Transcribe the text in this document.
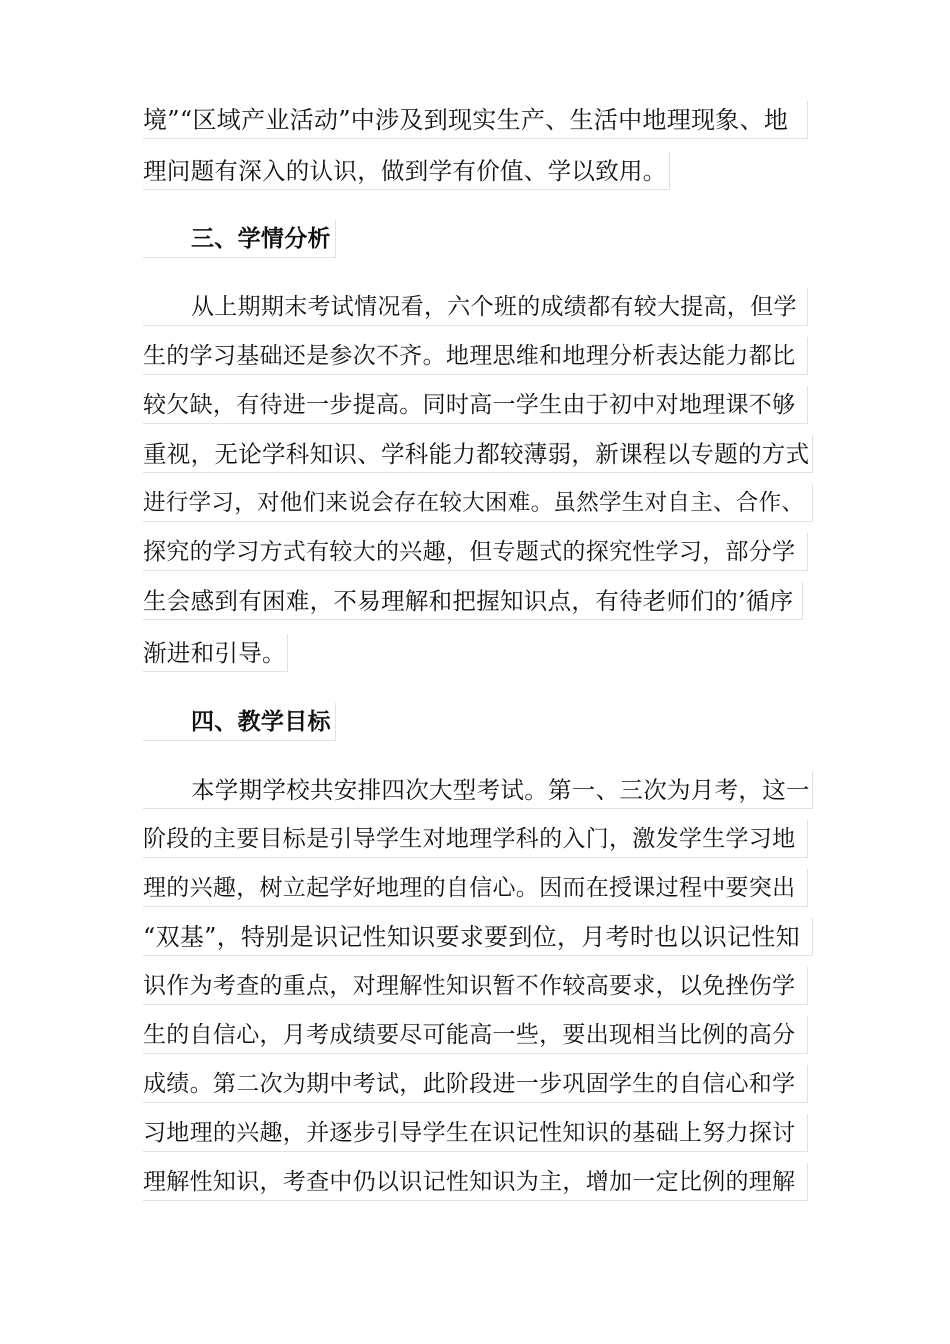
境”“区域产业活动”中涉及到现实生产、生活中地理现象、地
理问题有深入的认识，做到学有价值、学以致用。
三、学情分析
从上期期末考试情况看，六个班的成绩都有较大提高，但学
生的学习基础还是参次不齐。地理思维和地理分析表达能力都比
较欠缺，有待进一步提高。同时高一学生由于初中对地理课不够
重视，无论学科知识、学科能力都较薄弱，新课程以专题的方式
进行学习，对他们来说会存在较大困难。虽然学生对自主、合作、
探究的学习方式有较大的兴趣，但专题式的探究性学习，部分学
生会感到有困难，不易理解和把握知识点，有待老师们的’循序
渐进和引导。
四、教学目标
本学期学校共安排四次大型考试。第一、三次为月考，这一
阶段的主要目标是引导学生对地理学科的入门，激发学生学习地
理的兴趣，树立起学好地理的自信心。因而在授课过程中要突出
“双基”，特别是识记性知识要求要到位，月考时也以识记性知
识作为考查的重点，对理解性知识暂不作较高要求，以免挫伤学
生的自信心，月考成绩要尽可能高一些，要出现相当比例的高分
成绩。第二次为期中考试，此阶段进一步巩固学生的自信心和学
习地理的兴趣，并逐步引导学生在识记性知识的基础上努力探讨
理解性知识，考查中仍以识记性知识为主，增加一定比例的理解
